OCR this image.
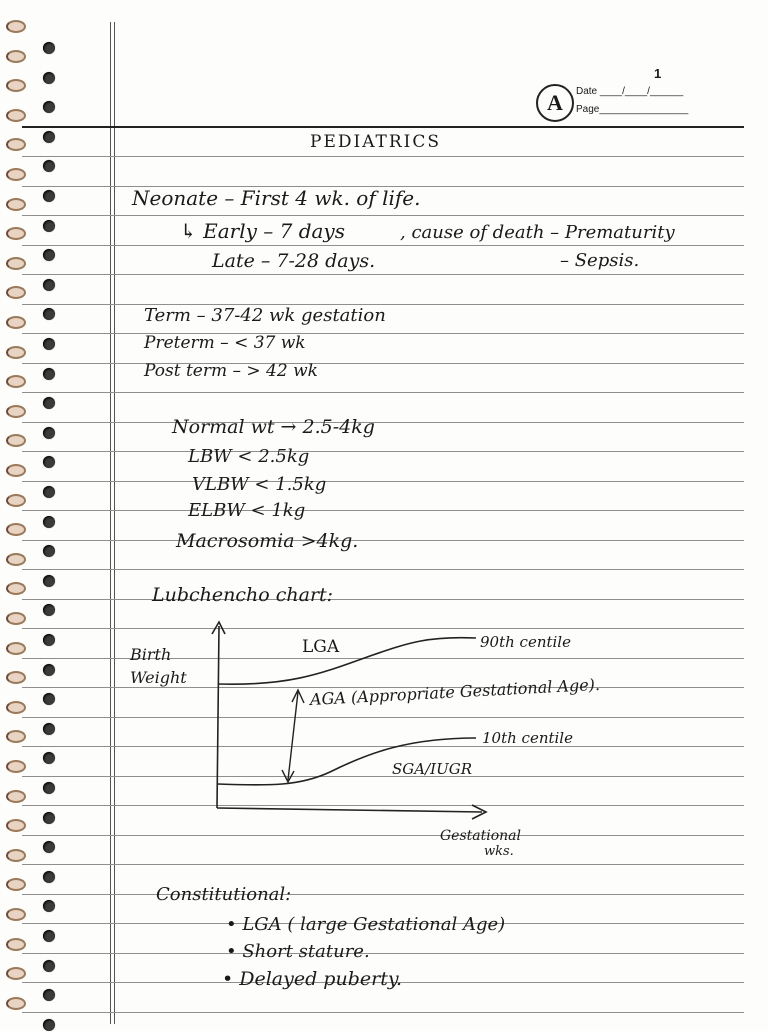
1
A	Date ____/____/______
Page________________
PEDIATRICS
Neonate – First 4 wk. of life.
↳ Early – 7 days	, cause of death – Prematurity
Late – 7-28 days.	– Sepsis.
Term – 37-42 wk gestation
Preterm – < 37 wk
Post term – > 42 wk
Normal wt → 2.5-4kg
LBW < 2.5kg
VLBW < 1.5kg
ELBW < 1kg
Macrosomia >4kg.
Lubchencho chart:
Birth
Weight
LGA	90th centile
AGA (Appropriate Gestational Age).
10th centile
SGA/IUGR
Gestational
wks.
Constitutional:
• LGA ( large Gestational Age)
• Short stature.
• Delayed puberty.
